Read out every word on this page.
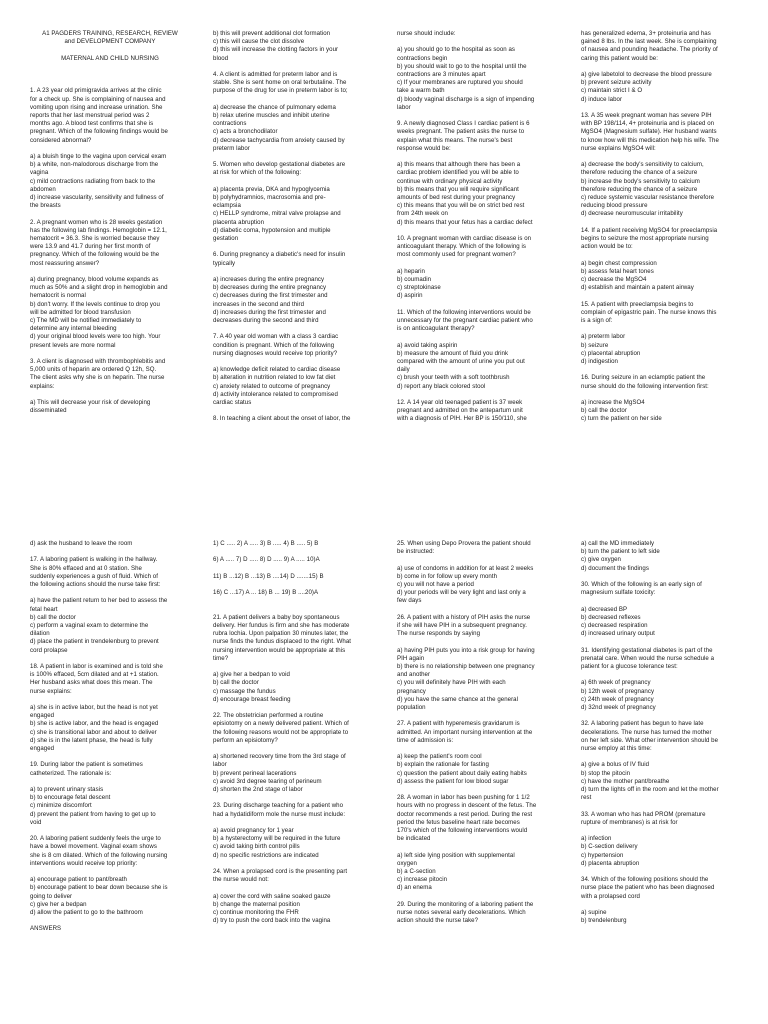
A1 PAGDERS TRAINING, RESEARCH, REVIEW
and DEVELOPMENT COMPANY
MATERNAL AND CHILD NURSING
1. A 23 year old primigravida arrives at the clinic
for a check up. She is complaining of nausea and
vomiting upon rising and increase urination. She
reports that her last menstrual period was 2
months ago. A blood test confirms that she is
pregnant. Which of the following findings would be
considered abnormal?
a) a bluish tinge to the vagina upon cervical exam
b) a white, non-malodorous discharge from the
vagina
c) mild contractions radiating from back to the
abdomen
d) increase vascularity, sensitivity and fullness of
the breasts
2. A pregnant women who is 28 weeks gestation
has the following lab findings. Hemoglobin = 12.1,
hematocrit = 36.3. She is worried because they
were 13.9 and 41.7 during her first month of
pregnancy. Which of the following would be the
most reassuring answer?
a) during pregnancy, blood volume expands as
much as 50% and a slight drop in hemoglobin and
hematocrit is normal
b) don't worry. If the levels continue to drop you
will be admitted for blood transfusion
c) The MD will be notified immediately to
determine any internal bleeding
d) your original blood levels were too high. Your
present levels are more normal
3. A client is diagnosed with thrombophlebitis and
5,000 units of heparin are ordered Q 12h, SQ.
The client asks why she is on heparin. The nurse
explains:
a) This will decrease your risk of developing
disseminated
b) this will prevent additional clot formation
c) this will cause the clot dissolve
d) this will increase the clotting factors in your
blood
4. A client is admitted for preterm labor and is
stable. She is sent home on oral terbutaline. The
purpose of the drug for use in preterm labor is to;
a) decrease the chance of pulmonary edema
b) relax uterine muscles and inhibit uterine
contractions
c) acts a bronchodilator
d) decrease tachycardia from anxiety caused by
preterm labor
5. Women who develop gestational diabetes are
at risk for which of the following:
a) placenta previa, DKA and hypoglycemia
b) polyhydramnios, macrosomia and pre-
eclampsia
c) HELLP syndrome, mitral valve prolapse and
placenta abruption
d) diabetic coma, hypotension and multiple
gestation
6. During pregnancy a diabetic's need for insulin
typically
a) increases during the entire pregnancy
b) decreases during the entire pregnancy
c) decreases during the first trimester and
increases in the second and third
d) increases during the first trimester and
decreases during the second and third
7. A 40 year old woman with a class 3 cardiac
condition is pregnant. Which of the following
nursing diagnoses would receive top priority?
a) knowledge deficit related to cardiac disease
b) alteration in nutrition related to low fat diet
c) anxiety related to outcome of pregnancy
d) activity intolerance related to compromised
cardiac status
8. In teaching a client about the onset of labor, the
nurse should include:
a) you should go to the hospital as soon as
contractions begin
b) you should wait to go to the hospital until the
contractions are 3 minutes apart
c) If your membranes are ruptured you should
take a warm bath
d) bloody vaginal discharge is a sign of impending
labor
9. A newly diagnosed Class I cardiac patient is 6
weeks pregnant. The patient asks the nurse to
explain what this means. The nurse's best
response would be:
a) this means that although there has been a
cardiac problem identified you will be able to
continue with ordinary physical activity
b) this means that you will require significant
amounts of bed rest during your pregnancy
c) this means that you will be on strict bed rest
from 24th week on
d) this means that your fetus has a cardiac defect
10. A pregnant woman with cardiac disease is on
anticoagulant therapy. Which of the following is
most commonly used for pregnant women?
a) heparin
b) coumadin
c) streptokinase
d) aspirin
11. Which of the following interventions would be
unnecessary for the pregnant cardiac patient who
is on anticoagulant therapy?
a) avoid taking aspirin
b) measure the amount of fluid you drink
compared with the amount of urine you put out
daily
c) brush your teeth with a soft toothbrush
d) report any black colored stool
12. A 14 year old teenaged patient is 37 week
pregnant and admitted on the antepartum unit
with a diagnosis of PIH. Her BP is 150/110, she
has generalized edema, 3+ proteinuria and has
gained 8 lbs. In the last week. She is complaining
of nausea and pounding headache. The priority of
caring this patient would be:
a) give labetolol to decrease the blood pressure
b) prevent seizure activity
c) maintain strict I & O
d) induce labor
13. A 35 week pregnant woman has severe PIH
with BP 198/114, 4+ proteinuria and is placed on
MgSO4 (Magnesium sulfate). Her husband wants
to know how will this medication help his wife. The
nurse explains MgSO4 will:
a) decrease the body's sensitivity to calcium,
therefore reducing the chance of a seizure
b) increase the body's sensitivity to calcium
therefore reducing the chance of a seizure
c) reduce systemic vascular resistance therefore
reducing blood pressure
d) decrease neuromuscular irritability
14. If a patient receiving MgSO4 for preeclampsia
begins to seizure the most appropriate nursing
action would be to:
a) begin chest compression
b) assess fetal heart tones
c) decrease the MgSO4
d) establish and maintain a patent airway
15. A patient with preeclampsia begins to
complain of epigastric pain. The nurse knows this
is a sign of:
a) preterm labor
b) seizure
c) placental abruption
d) indigestion
16. During seizure in an eclamptic patient the
nurse should do the following intervention first:
a) increase the MgSO4
b) call the doctor
c) turn the patient on her side
d) ask the husband to leave the room
17. A laboring patient is walking in the hallway.
She is 80% effaced and at 0 station. She
suddenly experiences a gush of fluid. Which of
the following actions should the nurse take first:
a) have the patient return to her bed to assess the
fetal heart
b) call the doctor
c) perform a vaginal exam to determine the
dilation
d) place the patient in trendelenburg to prevent
cord prolapse
18. A patient in labor is examined and is told she
is 100% effaced, 5cm dilated and at +1 station.
Her husband asks what does this mean. The
nurse explains:
a) she is in active labor, but the head is not yet
engaged
b) she is active labor, and the head is engaged
c) she is transitional labor and about to deliver
d) she is in the latent phase, the head is fully
engaged
19. During labor the patient is sometimes
catheterized. The rationale is:
a) to prevent urinary stasis
b) to encourage fetal descent
c) minimize discomfort
d) prevent the patient from having to get up to
void
20. A laboring patient suddenly feels the urge to
have a bowel movement. Vaginal exam shows
she is 8 cm dilated. Which of the following nursing
interventions would receive top priority:
a) encourage patient to pant/breath
b) encourage patient to bear down because she is
going to deliver
c) give her a bedpan
d) allow the patient to go to the bathroom
ANSWERS
1) C ..... 2) A ..... 3) B ..... 4) B ..... 5) B
6) A ..... 7) D ..... 8) D ..... 9) A ..... 10)A
11) B ...12) B ...13) B ....14) D .......15) B
16) C ...17) A ... 18) B ... 19) B ....20)A
21. A patient delivers a baby boy spontaneous
delivery. Her fundus is firm and she has moderate
rubra lochia. Upon palpation 30 minutes later, the
nurse finds the fundus displaced to the right. What
nursing intervention would be appropriate at this
time?
a) give her a bedpan to void
b) call the doctor
c) massage the fundus
d) encourage breast feeding
22. The obstetrician performed a routine
episiotomy on a newly delivered patient. Which of
the following reasons would not be appropriate to
perform an episiotomy?
a) shortened recovery time from the 3rd stage of
labor
b) prevent perineal lacerations
c) avoid 3rd degree tearing of perineum
d) shorten the 2nd stage of labor
23. During discharge teaching for a patient who
had a hydatidiform mole the nurse must include:
a) avoid pregnancy for 1 year
b) a hysterectomy will be required in the future
c) avoid taking birth control pills
d) no specific restrictions are indicated
24. When a prolapsed cord is the presenting part
the nurse would not:
a) cover the cord with saline soaked gauze
b) change the maternal position
c) continue monitoring the FHR
d) try to push the cord back into the vagina
25. When using Depo Provera the patient should
be instructed:
a) use of condoms in addition for at least 2 weeks
b) come in for follow up every month
c) you will not have a period
d) your periods will be very light and last only a
few days
26. A patient with a history of PIH asks the nurse
if she will have PIH in a subsequent pregnancy.
The nurse responds by saying
a) having PIH puts you into a risk group for having
PIH again
b) there is no relationship between one pregnancy
and another
c) you will definitely have PIH with each
pregnancy
d) you have the same chance at the general
population
27. A patient with hyperemesis gravidarum is
admitted. An important nursing intervention at the
time of admission is:
a) keep the patient's room cool
b) explain the rationale for fasting
c) question the patient about daily eating habits
d) assess the patient for low blood sugar
28. A woman in labor has been pushing for 1 1/2
hours with no progress in descent of the fetus. The
doctor recommends a rest period. During the rest
period the fetus baseline heart rate becomes
170's which of the following interventions would
be indicated
a) left side lying position with supplemental
oxygen
b) a C-section
c) increase pitocin
d) an enema
29. During the monitoring of a laboring patient the
nurse notes several early decelerations. Which
action should the nurse take?
a) call the MD immediately
b) turn the patient to left side
c) give oxygen
d) document the findings
30. Which of the following is an early sign of
magnesium sulfate toxicity:
a) decreased BP
b) decreased reflexes
c) decreased respiration
d) increased urinary output
31. Identifying gestational diabetes is part of the
prenatal care. When would the nurse schedule a
patient for a glucose tolerance test:
a) 6th week of pregnancy
b) 12th week of pregnancy
c) 24th week of pregnancy
d) 32nd week of pregnancy
32. A laboring patient has begun to have late
decelerations. The nurse has turned the mother
on her left side. What other intervention should be
nurse employ at this time:
a) give a bolus of IV fluid
b) stop the pitocin
c) have the mother pant/breathe
d) turn the lights off in the room and let the mother
rest
33. A woman who has had PROM (premature
rupture of membranes) is at risk for
a) infection
b) C-section delivery
c) hypertension
d) placenta abruption
34. Which of the following positions should the
nurse place the patient who has been diagnosed
with a prolapsed cord
a) supine
b) trendelenburg
